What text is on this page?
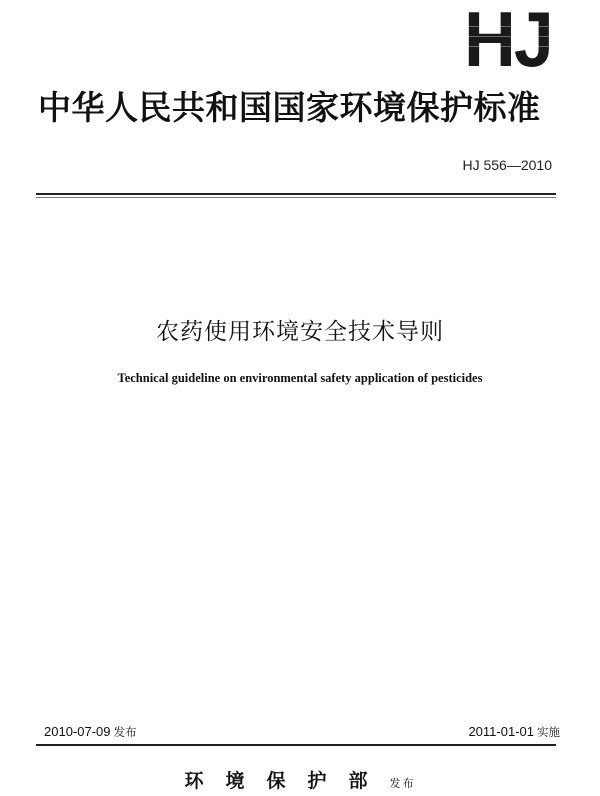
HJ
中华人民共和国国家环境保护标准
HJ 556—2010
农药使用环境安全技术导则
Technical guideline on environmental safety application of pesticides
2010-07-09 发布	2011-01-01 实施
环境保护部发布
